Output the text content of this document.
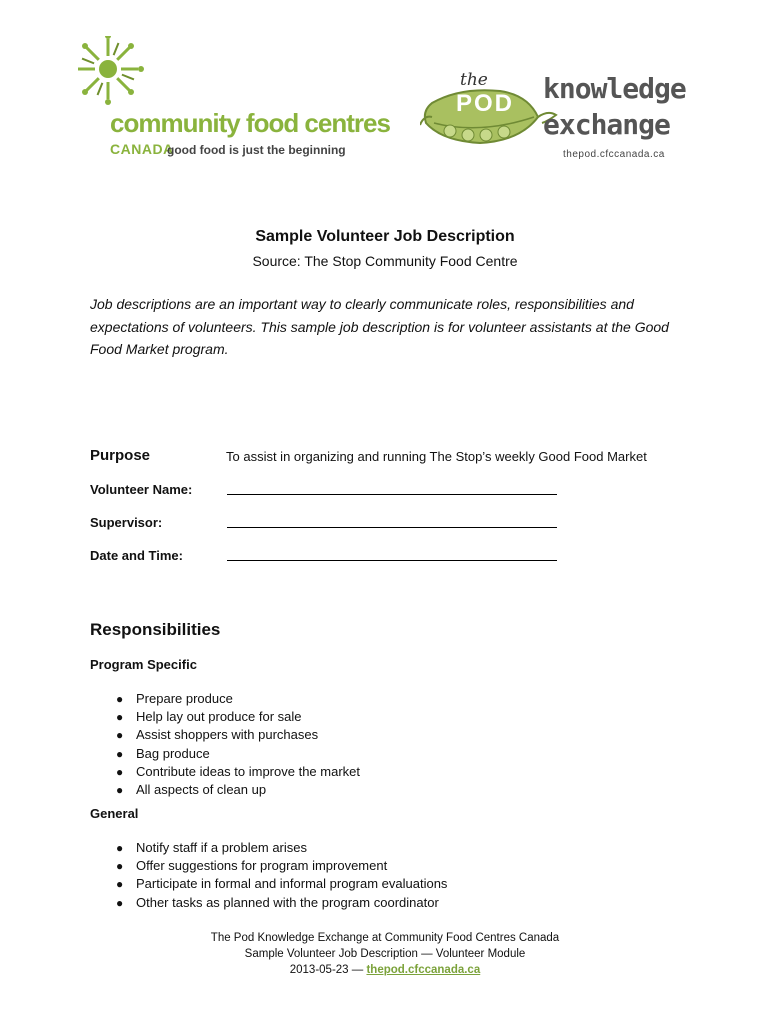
community food centres
CANADA
good food is just the beginning
the
POD knowledge
exchange
thepod.cfccanada.ca
Sample Volunteer Job Description
Source: The Stop Community Food Centre
Job descriptions are an important way to clearly communicate roles, responsibilities and expectations of volunteers. This sample job description is for volunteer assistants at the Good Food Market program.
Purpose	To assist in organizing and running The Stop’s weekly Good Food Market
Volunteer Name:
Supervisor:
Date and Time:
Responsibilities
Program Specific
● Prepare produce
● Help lay out produce for sale
● Assist shoppers with purchases
● Bag produce
● Contribute ideas to improve the market
● All aspects of clean up
General
● Notify staff if a problem arises
● Offer suggestions for program improvement
● Participate in formal and informal program evaluations
● Other tasks as planned with the program coordinator
The Pod Knowledge Exchange at Community Food Centres Canada
Sample Volunteer Job Description — Volunteer Module
2013-05-23 — thepod.cfccanada.ca
